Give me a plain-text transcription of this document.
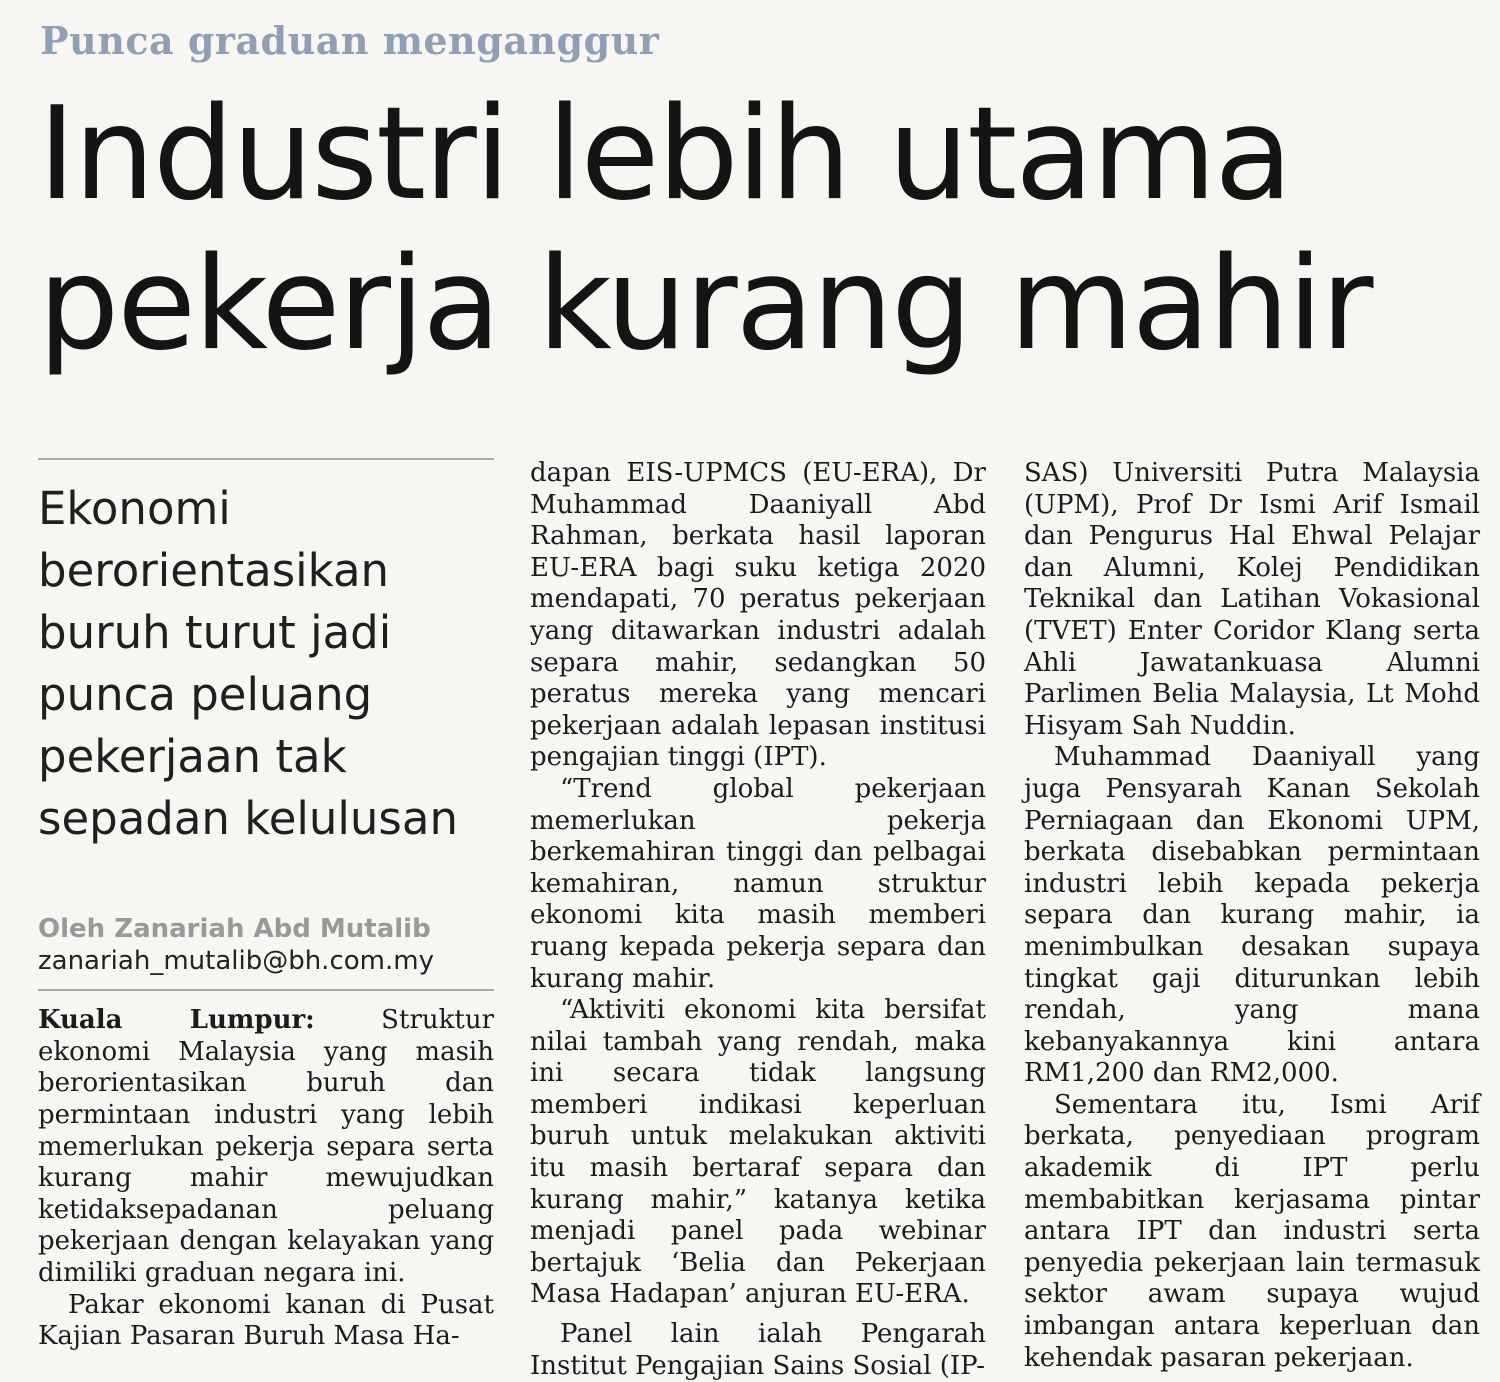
Punca graduan menganggur
Industri lebih utama pekerja kurang mahir
Ekonomi berorientasikan buruh turut jadi punca peluang pekerjaan tak sepadan kelulusan
Oleh Zanariah Abd Mutalib
zanariah_mutalib@bh.com.my

Kuala Lumpur: Struktur ekonomi Malaysia yang masih berorientasikan buruh dan permintaan industri yang lebih memerlukan pekerja separa serta kurang mahir mewujudkan ketidaksepadanan peluang pekerjaan dengan kelayakan yang dimiliki graduan negara ini.

Pakar ekonomi kanan di Pusat Kajian Pasaran Buruh Masa Ha-

dapan EIS-UPMCS (EU-ERA), Dr Muhammad Daaniyall Abd Rahman, berkata hasil laporan EU-ERA bagi suku ketiga 2020 mendapati, 70 peratus pekerjaan yang ditawarkan industri adalah separa mahir, sedangkan 50 peratus mereka yang mencari pekerjaan adalah lepasan institusi pengajian tinggi (IPT).

“Trend global pekerjaan memerlukan pekerja berkemahiran tinggi dan pelbagai kemahiran, namun struktur ekonomi kita masih memberi ruang kepada pekerja separa dan kurang mahir.

“Aktiviti ekonomi kita bersifat nilai tambah yang rendah, maka ini secara tidak langsung memberi indikasi keperluan buruh untuk melakukan aktiviti itu masih bertaraf separa dan kurang mahir,” katanya ketika menjadi panel pada webinar bertajuk ‘Belia dan Pekerjaan Masa Hadapan’ anjuran EU-ERA.

Panel lain ialah Pengarah Institut Pengajian Sains Sosial (IP-

SAS) Universiti Putra Malaysia (UPM), Prof Dr Ismi Arif Ismail dan Pengurus Hal Ehwal Pelajar dan Alumni, Kolej Pendidikan Teknikal dan Latihan Vokasional (TVET) Enter Coridor Klang serta Ahli Jawatankuasa Alumni Parlimen Belia Malaysia, Lt Mohd Hisyam Sah Nuddin.

Muhammad Daaniyall yang juga Pensyarah Kanan Sekolah Perniagaan dan Ekonomi UPM, berkata disebabkan permintaan industri lebih kepada pekerja separa dan kurang mahir, ia menimbulkan desakan supaya tingkat gaji diturunkan lebih rendah, yang mana kebanyakannya kini antara RM1,200 dan RM2,000.

Sementara itu, Ismi Arif berkata, penyediaan program akademik di IPT perlu membabitkan kerjasama pintar antara IPT dan industri serta penyedia pekerjaan lain termasuk sektor awam supaya wujud imbangan antara keperluan dan kehendak pasaran pekerjaan.
